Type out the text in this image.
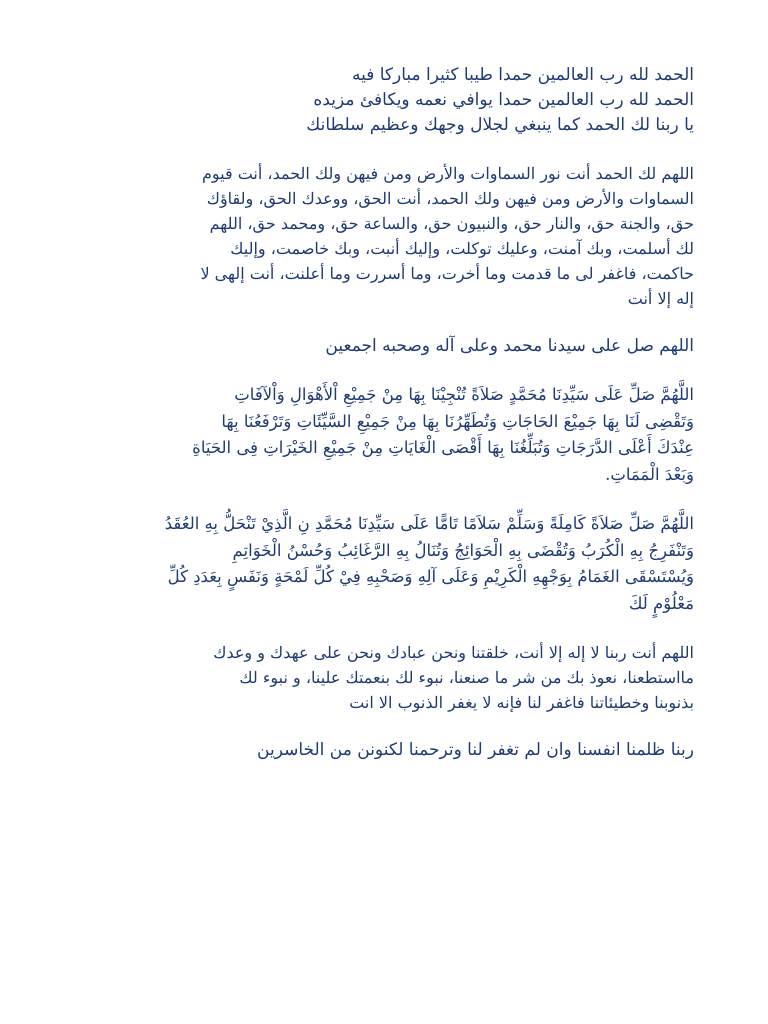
الحمد لله رب العالمين حمدا طيبا كثيرا مباركا فيه
الحمد لله رب العالمين حمدا يوافي نعمه ويكافئ مزيده
يا ربنا لك الحمد كما ينبغي لجلال وجهك وعظيم سلطانك
اللهم لك الحمد أنت نور السماوات والأرض ومن فيهن ولك الحمد، أنت قيوم
السماوات والأرض ومن فيهن ولك الحمد، أنت الحق، ووعدك الحق، ولقاؤك
حق، والجنة حق، والنار حق، والنبيون حق، والساعة حق، ومحمد حق، اللهم
لك أسلمت، وبك آمنت، وعليك توكلت، وإليك أنبت، وبك خاصمت، وإليك
حاكمت، فاغفر لى ما قدمت وما أخرت، وما أسررت وما أعلنت، أنت إلهى لا
إله إلا أنت
اللهم صل على سيدنا محمد وعلى آله وصحبه اجمعين
اللَّهُمَّ صَلِّ عَلَى سَيِّدِنَا مُحَمَّدٍ صَلاَةً تُنْجِيْنَا بِهَا مِنْ جَمِيْعِ اْلأَهْوَالِ وَاْلآفَاتِ
وَتَقْضِى لَنَا بِهَا جَمِيْعَ الحَاجَاتِ وَتُطَهِّرُنَا بِهَا مِنْ جَمِيْعِ السَّيِّئَاتِ وَتَرْفَعُنَا بِهَا
عِنْدَكَ أَعْلَى الدَّرَجَاتِ وَتُبَلِّغُنَا بِهَا أَقْصَى الْغَايَاتِ مِنْ جَمِيْعِ الخَيْرَاتِ فِى الحَيَاةِ
وَبَعْدَ الْمَمَاتِ.
اللَّهُمَّ صَلِّ صَلاَةً كَامِلَةً وَسَلِّمْ سَلاَمًا تَامًّا عَلَى سَيِّدِنَا مُحَمَّدِ نِ الَّذِيْ تَنْحَلُّ بِهِ العُقَدُ
وَتَنْفَرِجُ بِهِ الْكُرَبُ وَتُقْضَى بِهِ الْحَوَائِجُ وَتُنَالُ بِهِ الرَّغَائِبُ وَحُسْنُ الْخَوَاتِمِ
وَيُسْتَسْقَى الغَمَامُ بِوَجْهِهِ الْكَرِيْمِ وَعَلَى آلِهِ وَصَحْبِهِ فِيْ كُلِّ لَمْحَةٍ وَنَفَسٍ بِعَدَدِ كُلِّ
مَعْلُوْمٍ لَكَ
اللهم أنت ربنا لا إله إلا أنت، خلقتنا ونحن عبادك ونحن على عهدك و وعدك
مااستطعنا، نعوذ بك من شر ما صنعنا، نبوء لك بنعمتك علينا، و نبوء لك
بذنوبنا وخطيئاتنا فاغفر لنا فإنه لا يغفر الذنوب الا انت
ربنا ظلمنا انفسنا وان لم تغفر لنا وترحمنا لكنونن من الخاسرين
